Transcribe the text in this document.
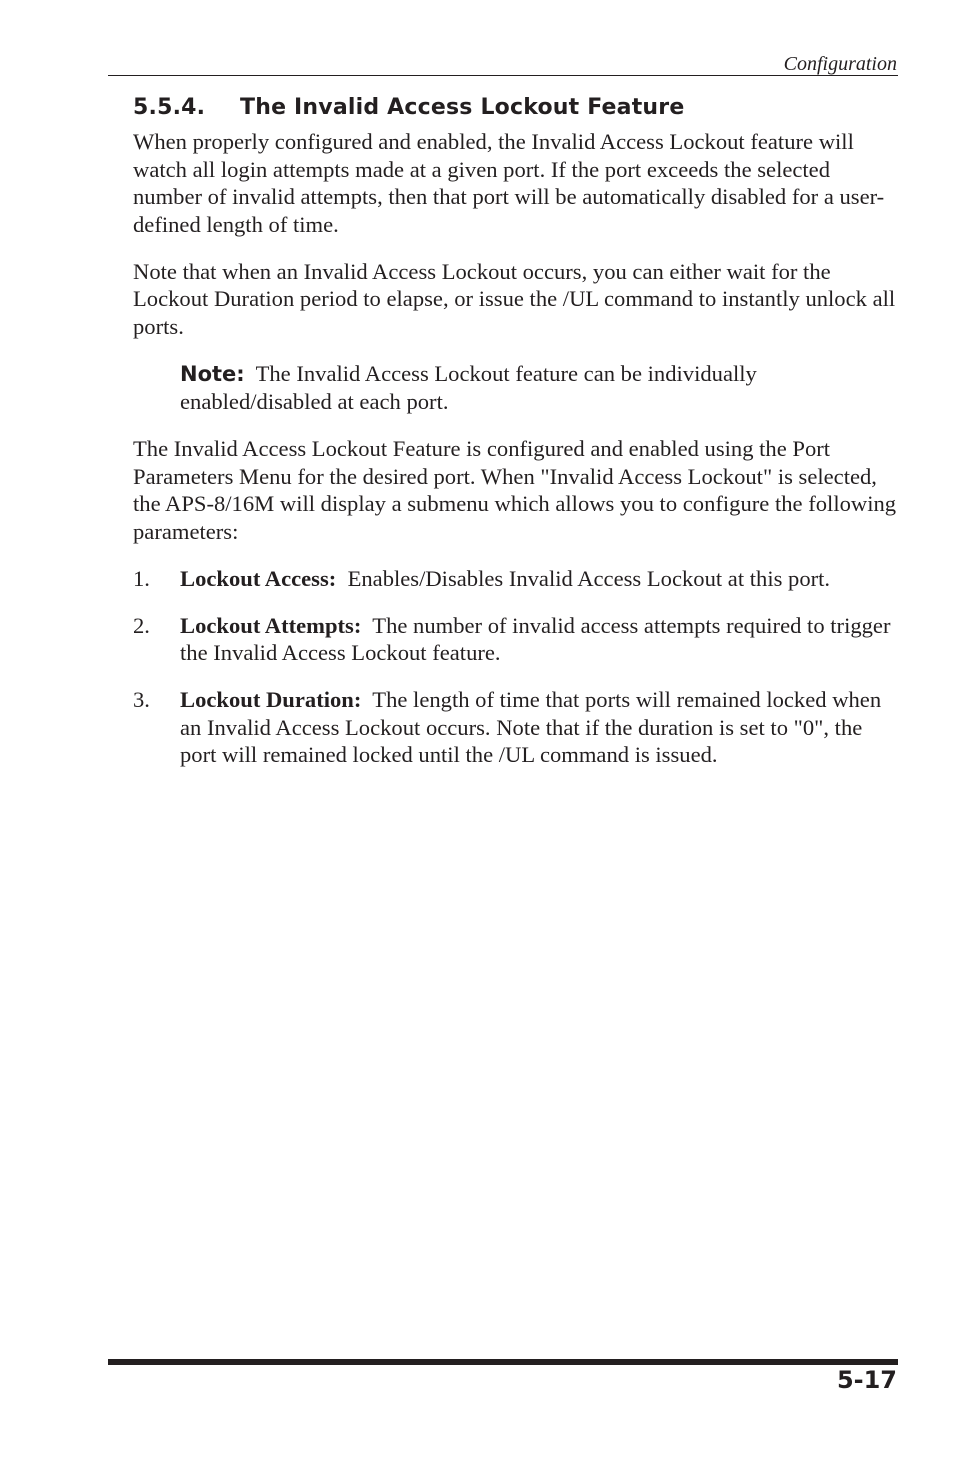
Configuration
5.5.4. The Invalid Access Lockout Feature

When properly configured and enabled, the Invalid Access Lockout feature will watch all login attempts made at a given port. If the port exceeds the selected number of invalid attempts, then that port will be automatically disabled for a user-defined length of time.

Note that when an Invalid Access Lockout occurs, you can either wait for the Lockout Duration period to elapse, or issue the /UL command to instantly unlock all ports.

Note: The Invalid Access Lockout feature can be individually enabled/disabled at each port.

The Invalid Access Lockout Feature is configured and enabled using the Port Parameters Menu for the desired port. When "Invalid Access Lockout" is selected, the APS-8/16M will display a submenu which allows you to configure the following parameters:

1.	Lockout Access: Enables/Disables Invalid Access Lockout at this port.
2.	Lockout Attempts: The number of invalid access attempts required to trigger the Invalid Access Lockout feature.
3.	Lockout Duration: The length of time that ports will remained locked when an Invalid Access Lockout occurs. Note that if the duration is set to "0", the port will remained locked until the /UL command is issued.
5-17
